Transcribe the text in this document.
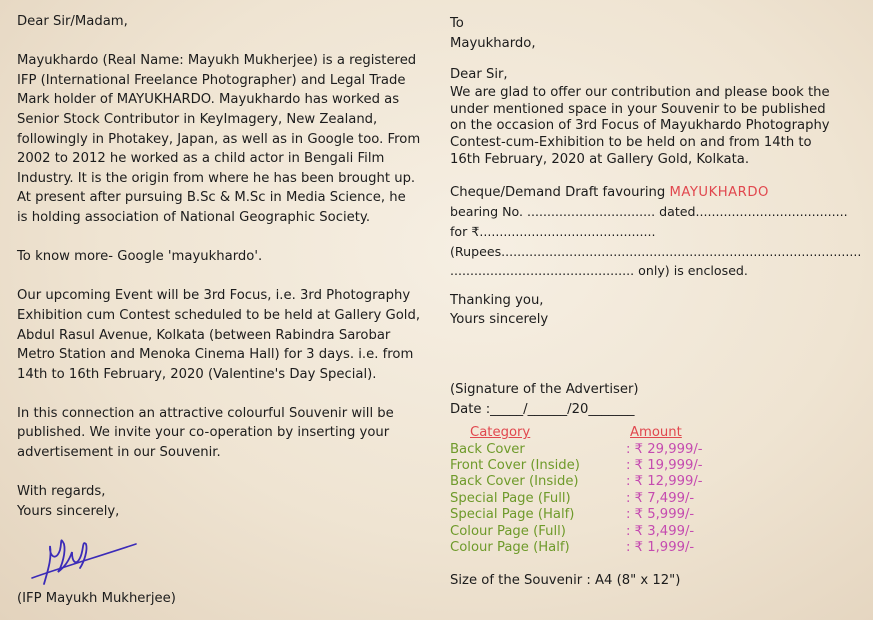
Dear Sir/Madam,

Mayukhardo (Real Name: Mayukh Mukherjee) is a registered
IFP (International Freelance Photographer) and Legal Trade
Mark holder of MAYUKHARDO. Mayukhardo has worked as
Senior Stock Contributor in KeyImagery, New Zealand,
followingly in Photakey, Japan, as well as in Google too. From
2002 to 2012 he worked as a child actor in Bengali Film
Industry. It is the origin from where he has been brought up.
At present after pursuing B.Sc & M.Sc in Media Science, he
is holding association of National Geographic Society.

To know more- Google 'mayukhardo'.

Our upcoming Event will be 3rd Focus, i.e. 3rd Photography
Exhibition cum Contest scheduled to be held at Gallery Gold,
Abdul Rasul Avenue, Kolkata (between Rabindra Sarobar
Metro Station and Menoka Cinema Hall) for 3 days. i.e. from
14th to 16th February, 2020 (Valentine's Day Special).
In this connection an attractive colourful Souvenir will be
published. We invite your co-operation by inserting your
advertisement in our Souvenir.

With regards,

Yours sincerely,

(IFP Mayukh Mukherjee)

To

Mayukhardo,

Dear Sir,

We are glad to offer our contribution and please book the
under mentioned space in your Souvenir to be published
on the occasion of 3rd Focus of Mayukhardo Photography
Contest-cum-Exhibition to be held on and from 14th to
16th February, 2020 at Gallery Gold, Kolkata.
Cheque/Demand Draft favouring MAYUKHARDO
bearing No. ................................ dated......................................
for ₹............................................
(Rupees..........................................................................................
.............................................. only) is enclosed.

Thanking you,

Yours sincerely

(Signature of the Advertiser)

Date :_____/______/20_______

Category	Amount
Back Cover	: ₹ 29,999/-
Front Cover (Inside)	: ₹ 19,999/-
Back Cover (Inside)	: ₹ 12,999/-
Special Page (Full)	: ₹ 7,499/-
Special Page (Half)	: ₹ 5,999/-
Colour Page (Full)	: ₹ 3,499/-
Colour Page (Half)	: ₹ 1,999/-
Size of the Souvenir : A4 (8" x 12")
